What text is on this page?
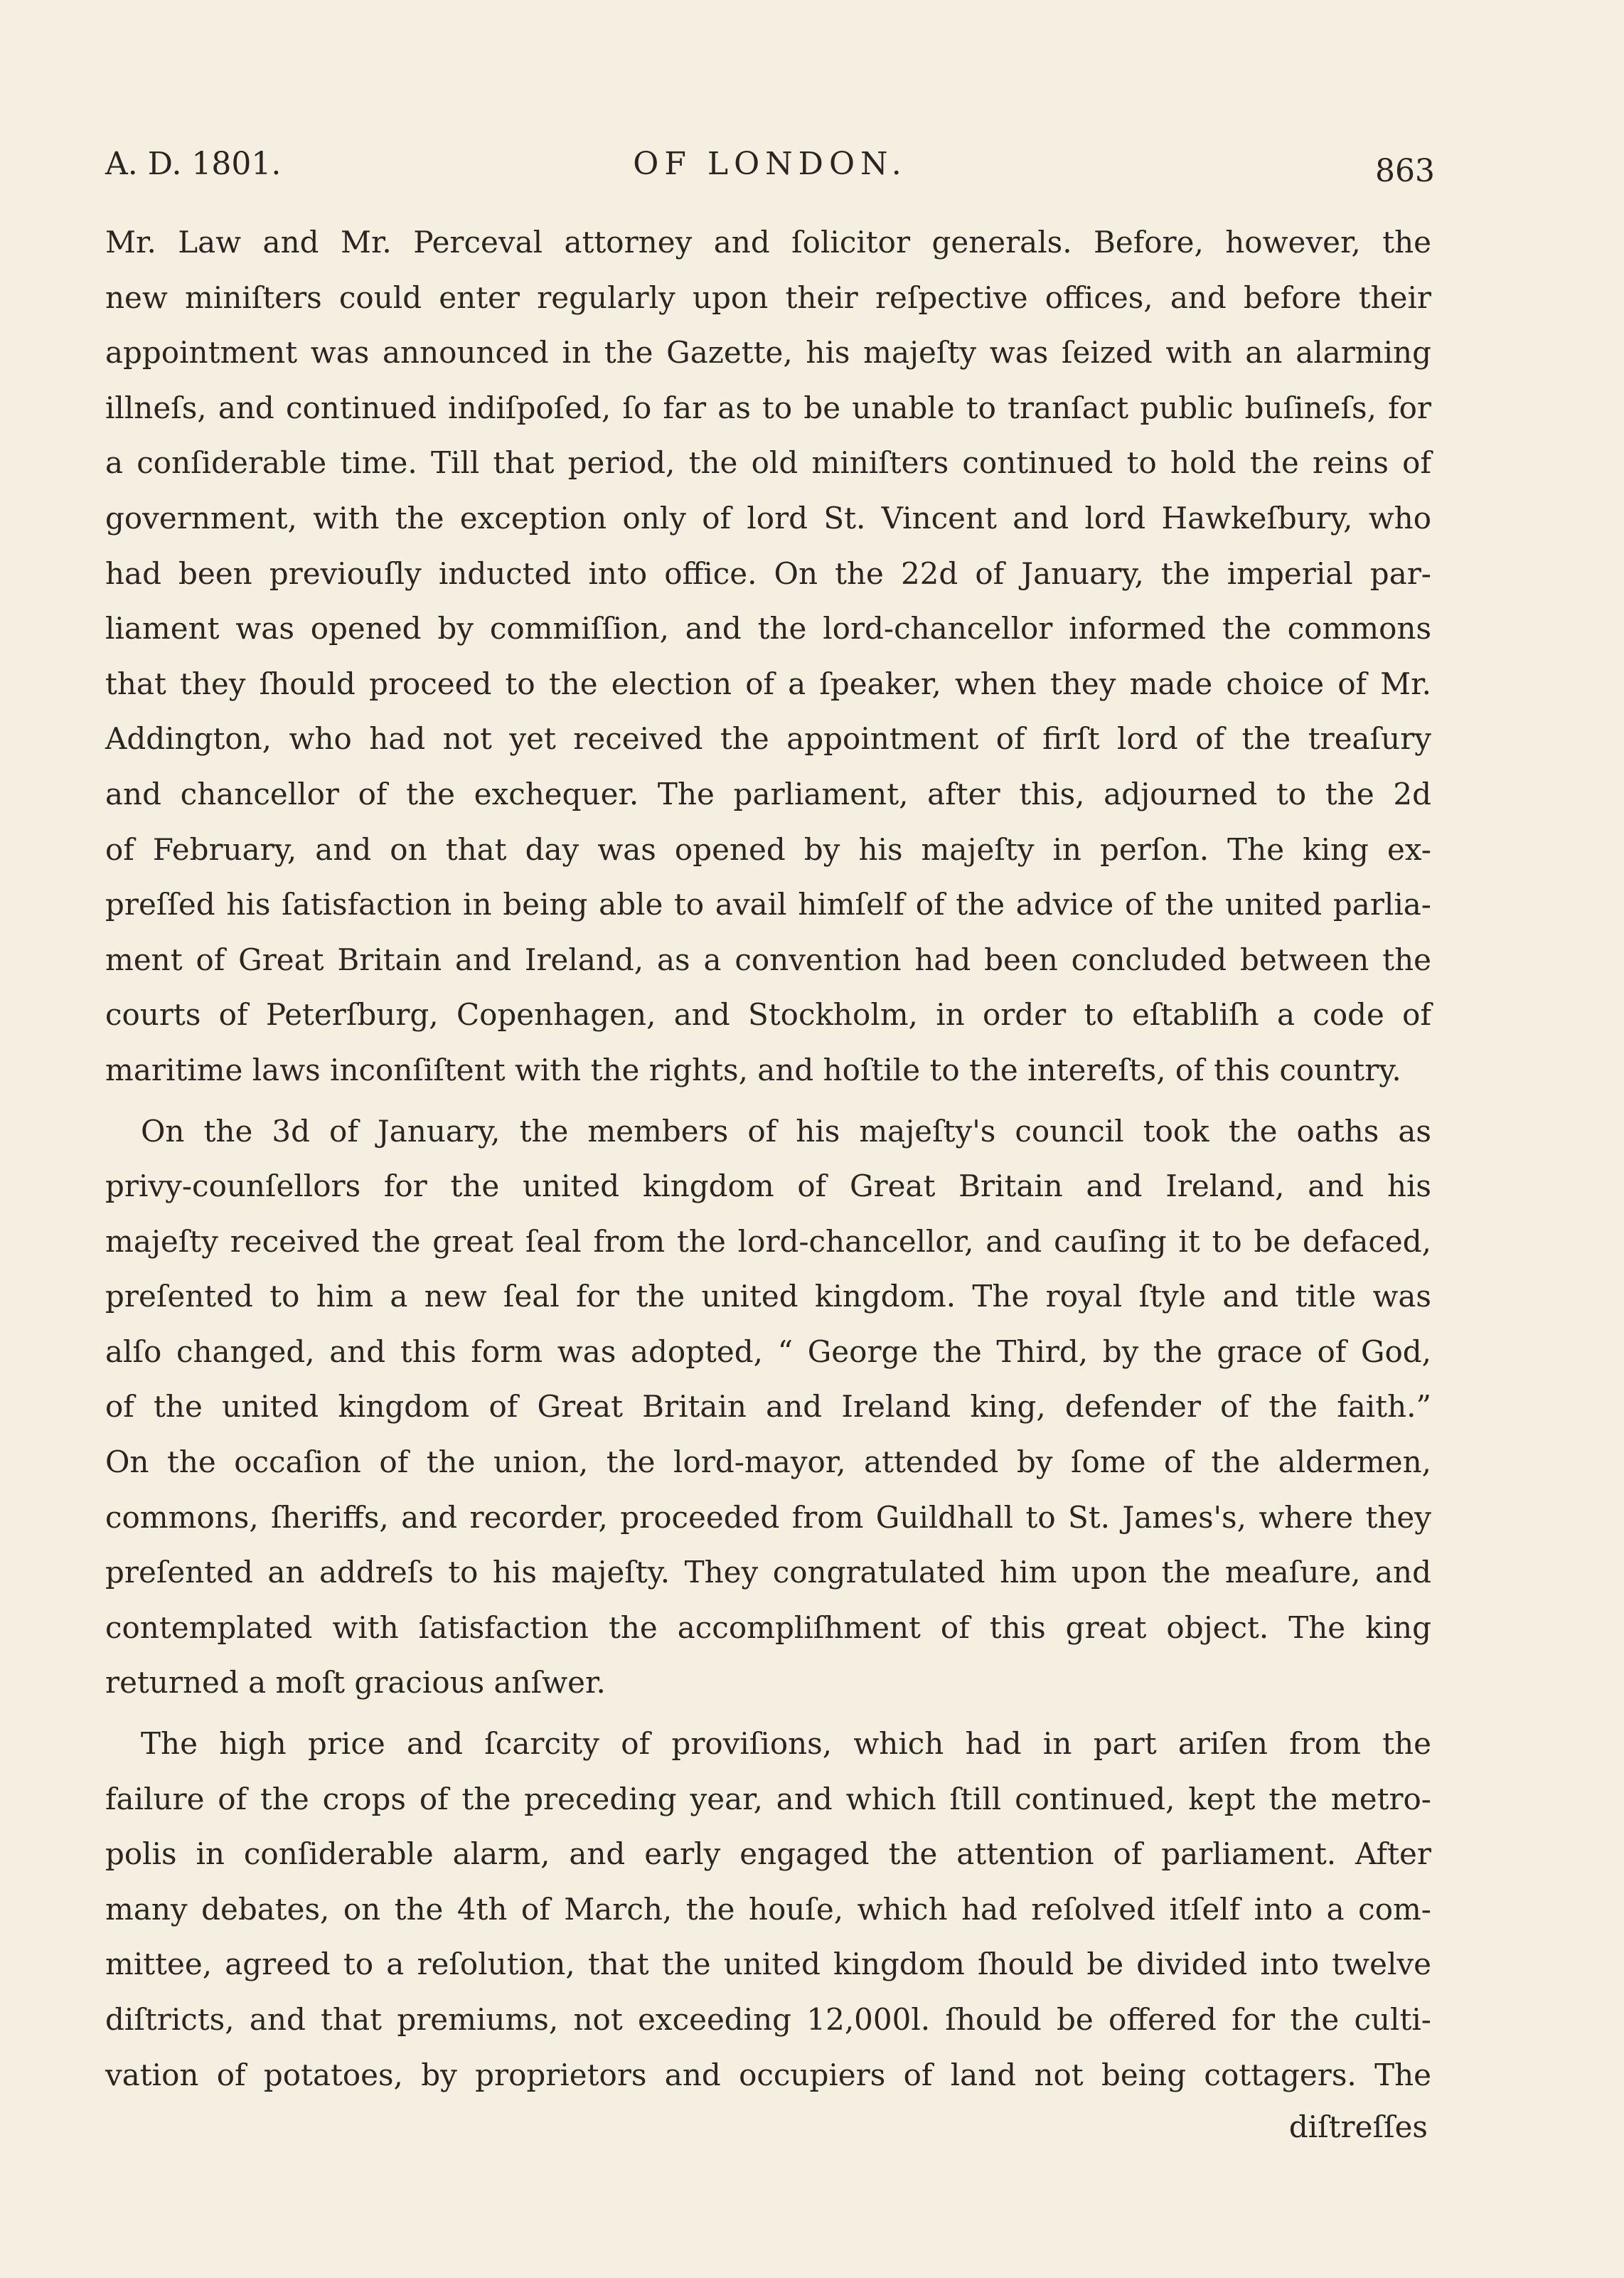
A. D. 1801.	OF LONDON.	863
Mr. Law and Mr. Perceval attorney and ſolicitor generals. Before, however, the
new miniſters could enter regularly upon their reſpective offices, and before their
appointment was announced in the Gazette, his majeſty was ſeized with an alarming
illneſs, and continued indiſpoſed, ſo far as to be unable to tranſact public buſineſs, for
a conſiderable time. Till that period, the old miniſters continued to hold the reins of
government, with the exception only of lord St. Vincent and lord Hawkeſbury, who
had been previouſly inducted into office. On the 22d of January, the imperial par-
liament was opened by commiſſion, and the lord-chancellor informed the commons
that they ſhould proceed to the election of a ſpeaker, when they made choice of Mr.
Addington, who had not yet received the appointment of firſt lord of the treaſury
and chancellor of the exchequer. The parliament, after this, adjourned to the 2d
of February, and on that day was opened by his majeſty in perſon. The king ex-
preſſed his ſatisfaction in being able to avail himſelf of the advice of the united parlia-
ment of Great Britain and Ireland, as a convention had been concluded between the
courts of Peterſburg, Copenhagen, and Stockholm, in order to eſtabliſh a code of
maritime laws inconſiſtent with the rights, and hoſtile to the intereſts, of this country.
On the 3d of January, the members of his majeſty's council took the oaths as
privy-counſellors for the united kingdom of Great Britain and Ireland, and his
majeſty received the great ſeal from the lord-chancellor, and cauſing it to be defaced,
preſented to him a new ſeal for the united kingdom. The royal ſtyle and title was
alſo changed, and this form was adopted, “ George the Third, by the grace of God,
of the united kingdom of Great Britain and Ireland king, defender of the faith.”
On the occaſion of the union, the lord-mayor, attended by ſome of the aldermen,
commons, ſheriffs, and recorder, proceeded from Guildhall to St. James's, where they
preſented an addreſs to his majeſty. They congratulated him upon the meaſure, and
contemplated with ſatisfaction the accompliſhment of this great object. The king
returned a moſt gracious anſwer.
The high price and ſcarcity of proviſions, which had in part ariſen from the
failure of the crops of the preceding year, and which ſtill continued, kept the metro-
polis in conſiderable alarm, and early engaged the attention of parliament. After
many debates, on the 4th of March, the houſe, which had reſolved itſelf into a com-
mittee, agreed to a reſolution, that the united kingdom ſhould be divided into twelve
diſtricts, and that premiums, not exceeding 12,000l. ſhould be offered for the culti-
vation of potatoes, by proprietors and occupiers of land not being cottagers. The
diſtreſſes
